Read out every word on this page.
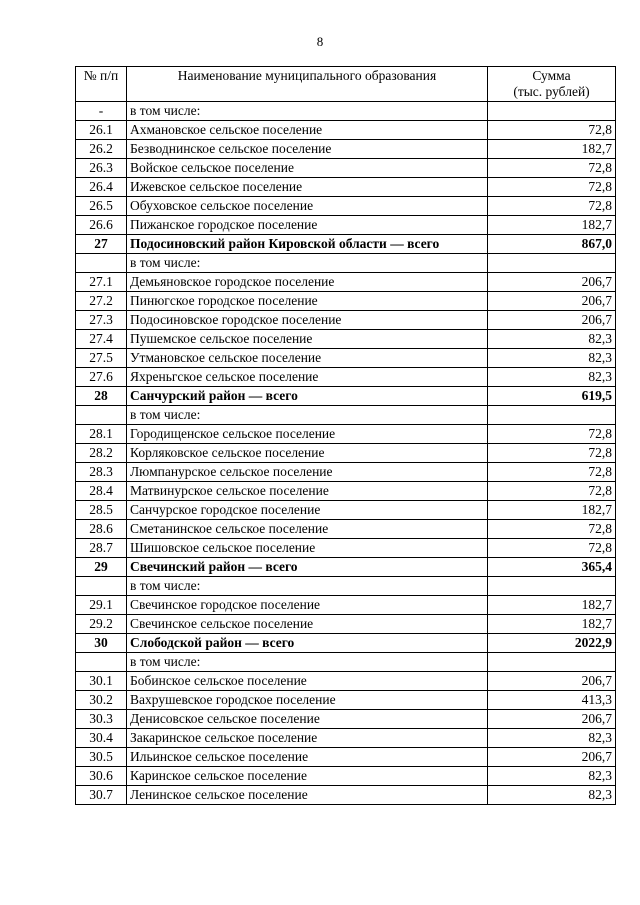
8
№ п/п	Наименование муниципального образования	Сумма
(тыс. рублей)

-	в том числе:	
26.1	Ахмановское сельское поселение	72,8
26.2	Безводнинское сельское поселение	182,7
26.3	Войское сельское поселение	72,8
26.4	Ижевское сельское поселение	72,8
26.5	Обуховское сельское поселение	72,8
26.6	Пижанское городское поселение	182,7
27	Подосиновский район Кировской области — всего	867,0
	в том числе:	
27.1	Демьяновское городское поселение	206,7
27.2	Пинюгское городское поселение	206,7
27.3	Подосиновское городское поселение	206,7
27.4	Пушемское сельское поселение	82,3
27.5	Утмановское сельское поселение	82,3
27.6	Яхреньгское сельское поселение	82,3
28	Санчурский район — всего	619,5
	в том числе:	
28.1	Городищенское сельское поселение	72,8
28.2	Корляковское сельское поселение	72,8
28.3	Люмпанурское сельское поселение	72,8
28.4	Матвинурское сельское поселение	72,8
28.5	Санчурское городское поселение	182,7
28.6	Сметанинское сельское поселение	72,8
28.7	Шишовское сельское поселение	72,8
29	Свечинский район — всего	365,4
	в том числе:	
29.1	Свечинское городское поселение	182,7
29.2	Свечинское сельское поселение	182,7
30	Слободской район — всего	2022,9
	в том числе:	
30.1	Бобинское сельское поселение	206,7
30.2	Вахрушевское городское поселение	413,3
30.3	Денисовское сельское поселение	206,7
30.4	Закаринское сельское поселение	82,3
30.5	Ильинское сельское поселение	206,7
30.6	Каринское сельское поселение	82,3
30.7	Ленинское сельское поселение	82,3
